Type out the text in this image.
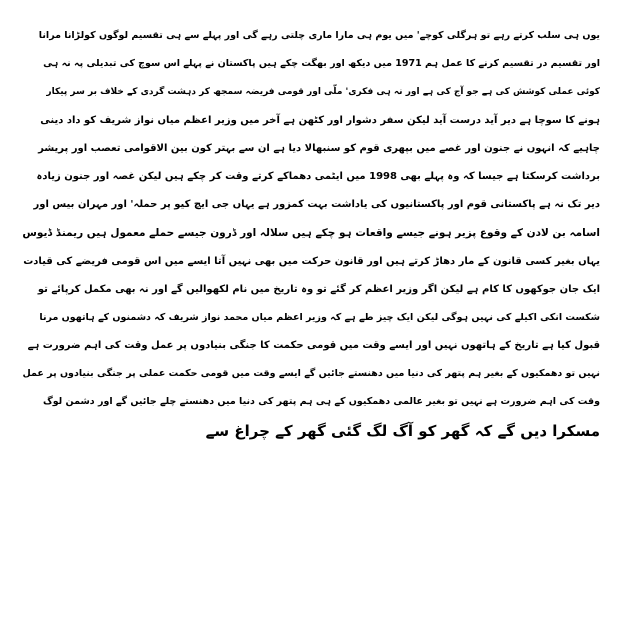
یوں ہی سلب کرتے رہے تو ہرگلی کوچے' میں یوم ہی مارا ماری چلتی رہے گی اور پہلے سے ہی تقسیم لوگوں کولڑانا مرانا
اور تقسیم در تقسیم کرنے کا عمل ہم 1971 میں دیکھ اور بھگت چکے ہیں پاکستان نے پہلے اس سوچ کی تبدیلی پہ نہ ہی
کوئی عملی کوشش کی ہے جو آج کی ہے اور نہ ہی فکری' ملّی اور قومی فریضہ سمجھ کر دہشت گردی کے خلاف بر سر پیکار
ہونے کا سوچا ہے دیر آید درست آید لیکن سفر دشوار اور کٹھن ہے آخر میں وزیر اعظم میاں نواز شریف کو داد دینی
چاہیے کہ انہوں نے جنون اور غصے میں بپھری قوم کو سنبھالا دیا ہے ان سے بہتر کون بین الاقوامی تعصب اور پریشر
برداشت کرسکتا ہے جیسا کہ وہ پہلے بھی 1998 میں ایٹمی دھماکے کرتے وقت کر چکے ہیں لیکن غصہ اور جنون زیادہ
دیر تک نہ ہے پاکستانی قوم اور پاکستانیوں کی یاداشت بہت کمزور ہے یہاں جی ایچ کیو پر حملہ' اور مہران بیس اور
اسامہ بن لادن کے وقوع پزیر ہونے جیسے واقعات ہو چکے ہیں سلالہ اور ڈرون جیسے حملے معمول ہیں ریمنڈ ڈیوس
یہاں بغیر کسی قانون کے مار دھاڑ کرتے ہیں اور قانون حرکت میں بھی نہیں آتا ایسے میں اس قومی فریضے کی قیادت
ایک جان جوکھوں کا کام ہے لیکن اگر وزیر اعظم کر گئے تو وہ تاریخ میں نام لکھوالیں گے اور نہ بھی مکمل کرپائے تو
شکست انکی اکیلے کی نہیں ہوگی لیکن ایک چیز طے ہے کہ وزیر اعظم میاں محمد نواز شریف کہ دشمنوں کے ہاتھوں مرنا
قبول کیا ہے تاریخ کے ہاتھوں نہیں اور ایسے وقت میں قومی حکمت کا جنگی بنیادوں پر عمل وقت کی اہم ضرورت ہے
نہیں تو دھمکیوں کے بغیر ہم پتھر کی دنیا میں دھنستے جائیں گے ایسے وقت میں قومی حکمت عملی پر جنگی بنیادوں پر عمل
وقت کی اہم ضرورت ہے نہیں تو بغیر عالمی دھمکیوں کے ہی ہم پتھر کی دنیا میں دھنستے چلے جائیں گے اور دشمن لوگ
مسکرا دیں گے کہ گھر کو آگ لگ گئی گھر کے چراغ سے
